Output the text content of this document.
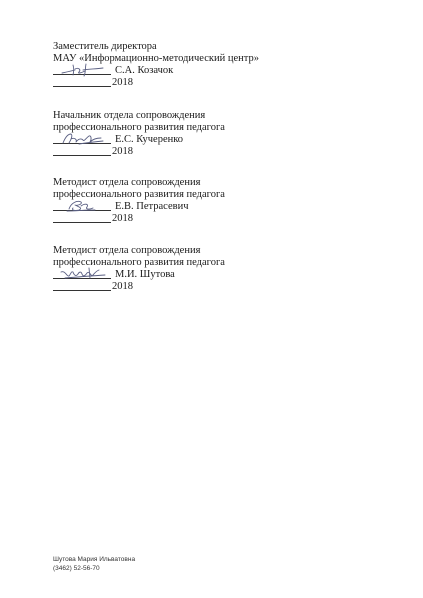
Заместитель директора
МАУ «Информационно-методический центр»
С.А. Козачок
2018
Начальник отдела сопровождения
профессионального развития педагога
Е.С. Кучеренко
2018
Методист отдела сопровождения
профессионального развития педагога
Е.В. Петрасевич
2018
Методист отдела сопровождения
профессионального развития педагога
М.И. Шутова
2018
Шутова Мария Ильватовна
(3462) 52-56-70
